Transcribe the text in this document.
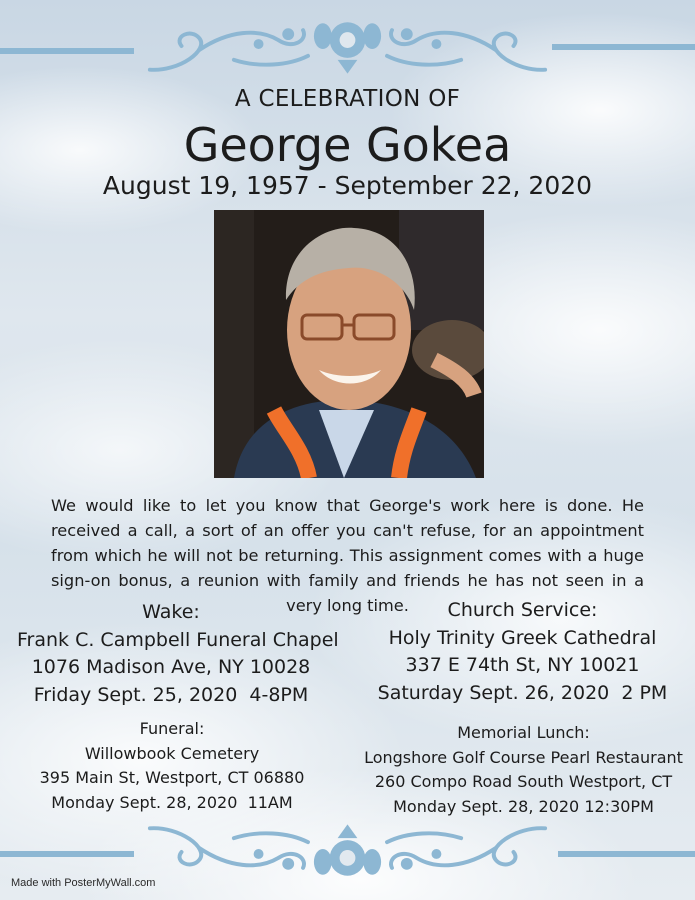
A CELEBRATION OF
George Gokea
August 19, 1957 - September 22, 2020
We would like to let you know that George's work here is done. He received a call, a sort of an offer you can't refuse, for an appointment from which he will not be returning. This assignment comes with a huge sign-on bonus, a reunion with family and friends he has not seen in a very long time.
Wake:
Frank C. Campbell Funeral Chapel
1076 Madison Ave, NY 10028
Friday Sept. 25, 2020  4-8PM
Church Service:
Holy Trinity Greek Cathedral
337 E 74th St, NY 10021
Saturday Sept. 26, 2020  2 PM
Funeral:
Willowbook Cemetery
395 Main St, Westport, CT 06880
Monday Sept. 28, 2020  11AM
Memorial Lunch:
Longshore Golf Course Pearl Restaurant
260 Compo Road South Westport, CT
Monday Sept. 28, 2020 12:30PM
Made with PosterMyWall.com
